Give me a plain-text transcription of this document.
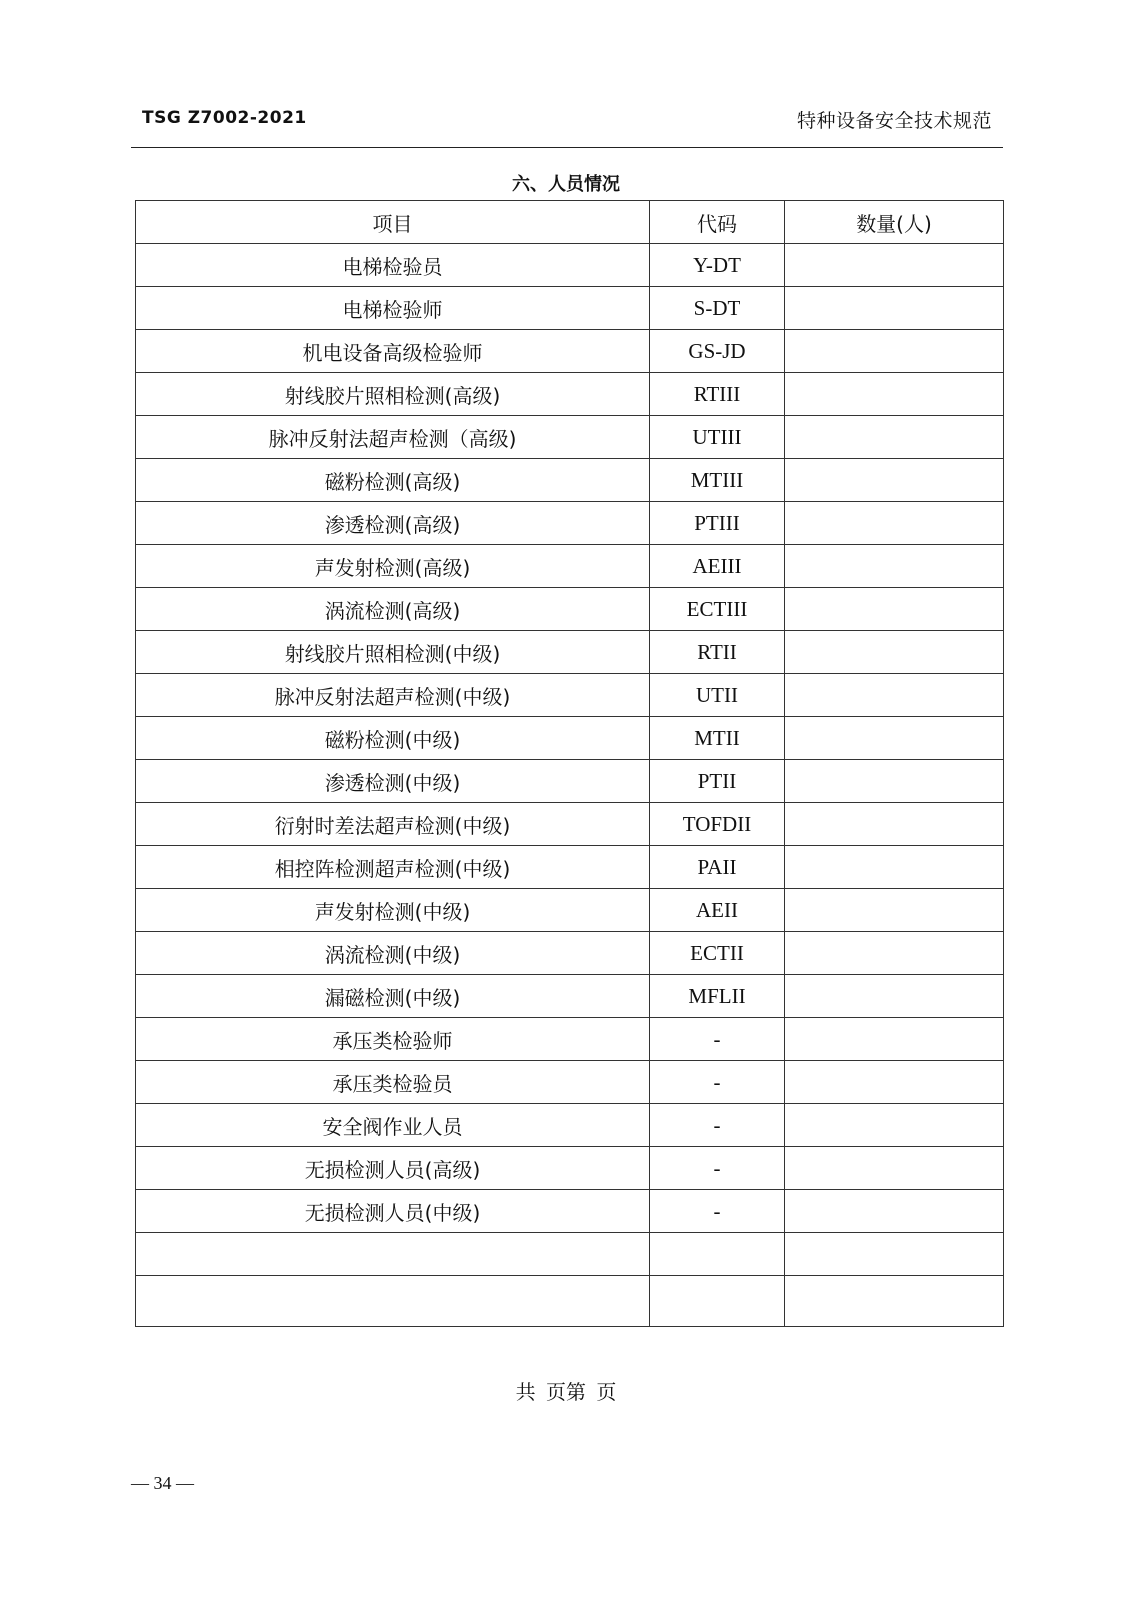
TSG Z7002-2021	特种设备安全技术规范
六、人员情况
项目	代码	数量(人)
电梯检验员	Y-DT	
电梯检验师	S-DT	
机电设备高级检验师	GS-JD	
射线胶片照相检测(高级)	RTIII	
脉冲反射法超声检测（高级)	UTIII	
磁粉检测(高级)	MTIII	
渗透检测(高级)	PTIII	
声发射检测(高级)	AEIII	
涡流检测(高级)	ECTIII	
射线胶片照相检测(中级)	RTII	
脉冲反射法超声检测(中级)	UTII	
磁粉检测(中级)	MTII	
渗透检测(中级)	PTII	
衍射时差法超声检测(中级)	TOFDII	
相控阵检测超声检测(中级)	PAII	
声发射检测(中级)	AEII	
涡流检测(中级)	ECTII	
漏磁检测(中级)	MFLII	
承压类检验师	-	
承压类检验员	-	
安全阀作业人员	-	
无损检测人员(高级)	-	
无损检测人员(中级)	-	

共 页第 页
— 34 —
